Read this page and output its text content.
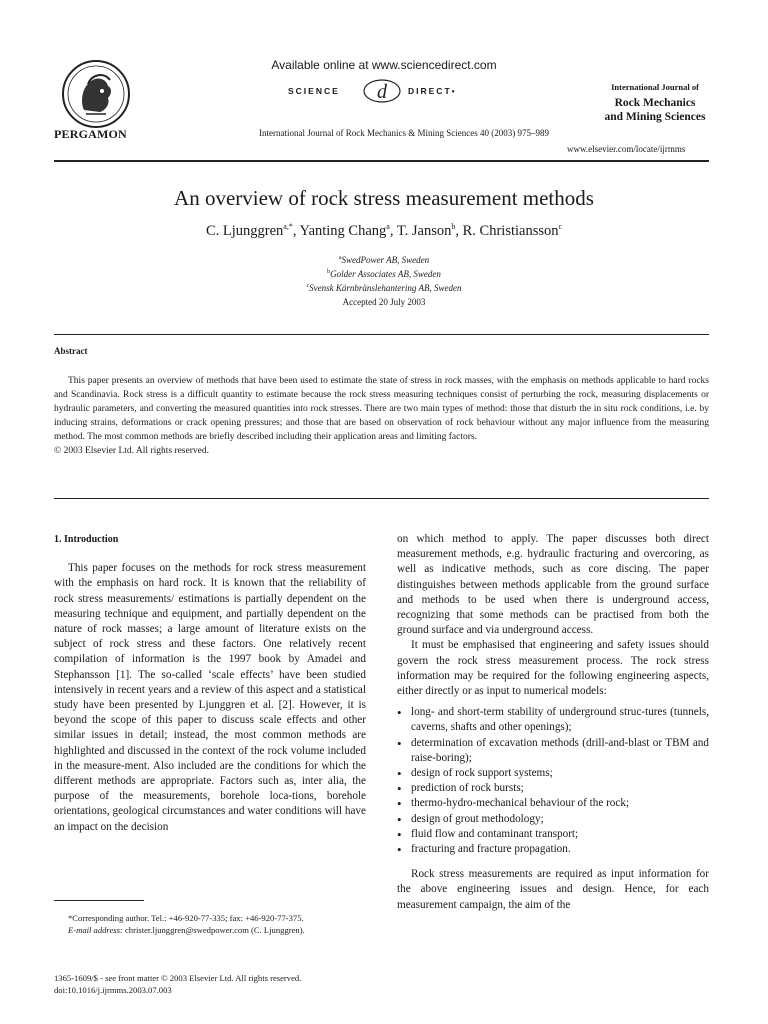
PERGAMON
Available online at www.sciencedirect.com
SCIENCE d DIRECT•
International Journal of Rock Mechanics & Mining Sciences 40 (2003) 975–989
International Journal of
Rock Mechanics
and Mining Sciences
www.elsevier.com/locate/ijrmms
An overview of rock stress measurement methods
C. Ljunggren$^{a,*}$, Yanting Chang$^a$, T. Janson$^b$, R. Christiansson$^c$
$^a$SwedPower AB, Sweden
$^b$Golder Associates AB, Sweden
$^c$Svensk Kärnbränslehantering AB, Sweden
Accepted 20 July 2003
Abstract

This paper presents an overview of methods that have been used to estimate the state of stress in rock masses, with the emphasis on methods applicable to hard rocks and Scandinavia. Rock stress is a difficult quantity to estimate because the rock stress measuring techniques consist of perturbing the rock, measuring displacements or hydraulic parameters, and converting the measured quantities into rock stresses. There are two main types of method: those that disturb the in situ rock conditions, i.e. by inducing strains, deformations or crack opening pressures; and those that are based on observation of rock behaviour without any major influence from the measuring method. The most common methods are briefly described including their application areas and limiting factors.

© 2003 Elsevier Ltd. All rights reserved.

1. Introduction

This paper focuses on the methods for rock stress measurement with the emphasis on hard rock. It is known that the reliability of rock stress measurements/ estimations is partially dependent on the measuring technique and equipment, and partially dependent on the nature of rock masses; a large amount of literature exists on the subject of rock stress and these factors. One relatively recent compilation of information is the 1997 book by Amadei and Stephansson [1]. The so-called ‘scale effects’ have been studied intensively in recent years and a review of this aspect and a statistical study have been presented by Ljunggren et al. [2]. However, it is beyond the scope of this paper to discuss scale effects and other similar issues in detail; instead, the most common methods are highlighted and discussed in the context of the rock volume included in the measure-ment. Also included are the conditions for which the different methods are appropriate. Factors such as, inter alia, the purpose of the measurements, borehole loca-tions, borehole orientations, geological circumstances and water conditions will have an impact on the decision

on which method to apply. The paper discusses both direct measurement methods, e.g. hydraulic fracturing and overcoring, as well as indicative methods, such as core discing. The paper distinguishes between methods applicable from the ground surface and methods to be used when there is underground access, recognizing that some methods can be practised from both the ground surface and via underground access.

It must be emphasised that engineering and safety issues should govern the rock stress measurement process. The rock stress information may be required for the following engineering aspects, either directly or as input to numerical models:

• long- and short-term stability of underground struc-tures (tunnels, caverns, shafts and other openings);
• determination of excavation methods (drill-and-blast or TBM and raise-boring);
• design of rock support systems;
• prediction of rock bursts;
• thermo-hydro-mechanical behaviour of the rock;
• design of grout methodology;
• fluid flow and contaminant transport;
• fracturing and fracture propagation.

Rock stress measurements are required as input information for the above engineering issues and design. Hence, for each measurement campaign, the aim of the

*Corresponding author. Tel.: +46-920-77-335; fax: +46-920-77-375.
E-mail address: christer.ljunggren@swedpower.com (C. Ljunggren).
1365-1609/$ - see front matter © 2003 Elsevier Ltd. All rights reserved.
doi:10.1016/j.ijrmms.2003.07.003
